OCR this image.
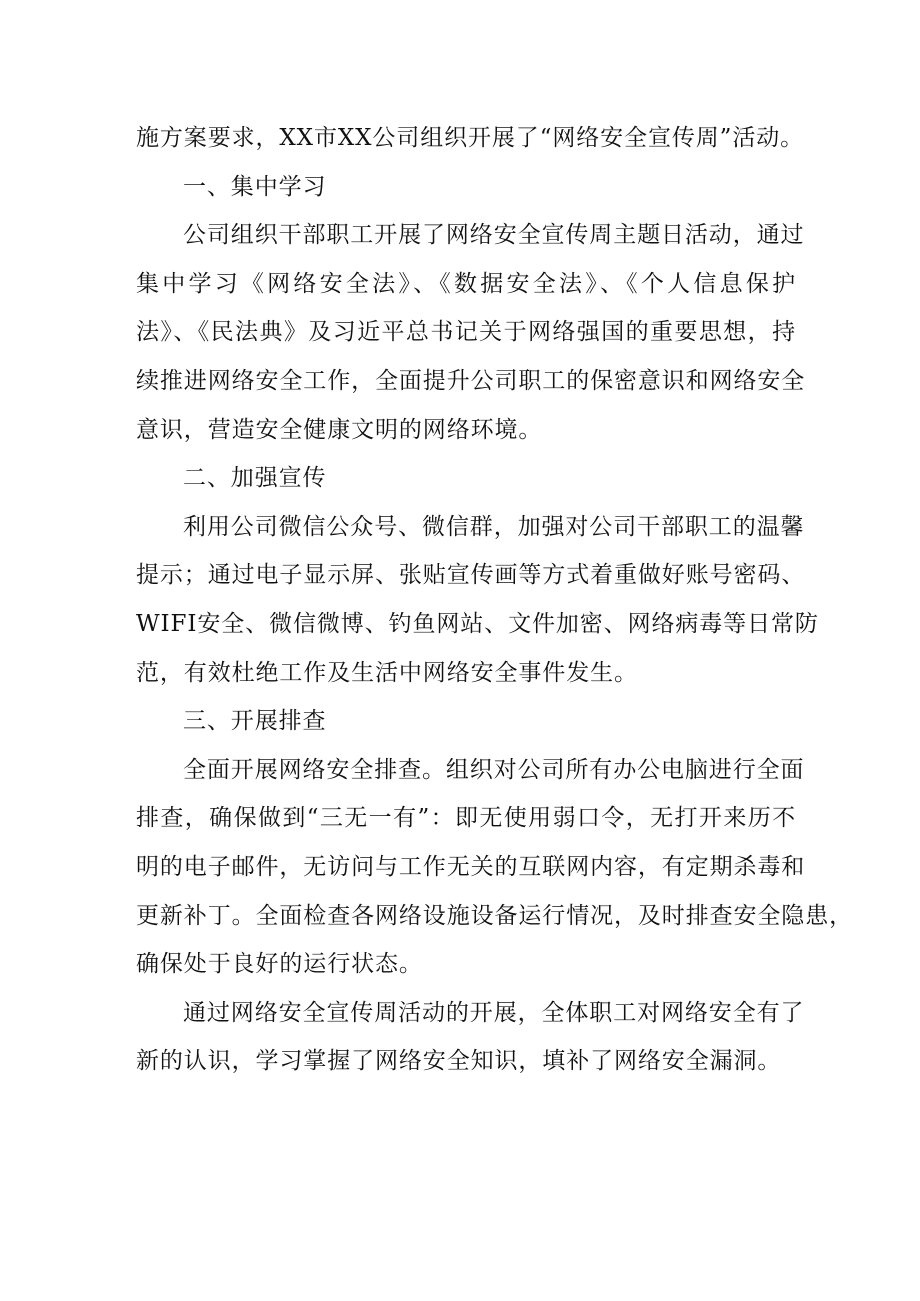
施方案要求，XX市XX公司组织开展了“网络安全宣传周”活动。
一、集中学习
公司组织干部职工开展了网络安全宣传周主题日活动，通过
集中学习《网络安全法》、《数据安全法》、《个人信息保护
法》、《民法典》及习近平总书记关于网络强国的重要思想，持
续推进网络安全工作，全面提升公司职工的保密意识和网络安全
意识，营造安全健康文明的网络环境。
二、加强宣传
利用公司微信公众号、微信群，加强对公司干部职工的温馨
提示；通过电子显示屏、张贴宣传画等方式着重做好账号密码、
WIFI安全、微信微博、钓鱼网站、文件加密、网络病毒等日常防
范，有效杜绝工作及生活中网络安全事件发生。
三、开展排查
全面开展网络安全排查。组织对公司所有办公电脑进行全面
排查，确保做到“三无一有”：即无使用弱口令，无打开来历不
明的电子邮件，无访问与工作无关的互联网内容，有定期杀毒和
更新补丁。全面检查各网络设施设备运行情况，及时排查安全隐患，
确保处于良好的运行状态。
通过网络安全宣传周活动的开展，全体职工对网络安全有了
新的认识，学习掌握了网络安全知识，填补了网络安全漏洞。
